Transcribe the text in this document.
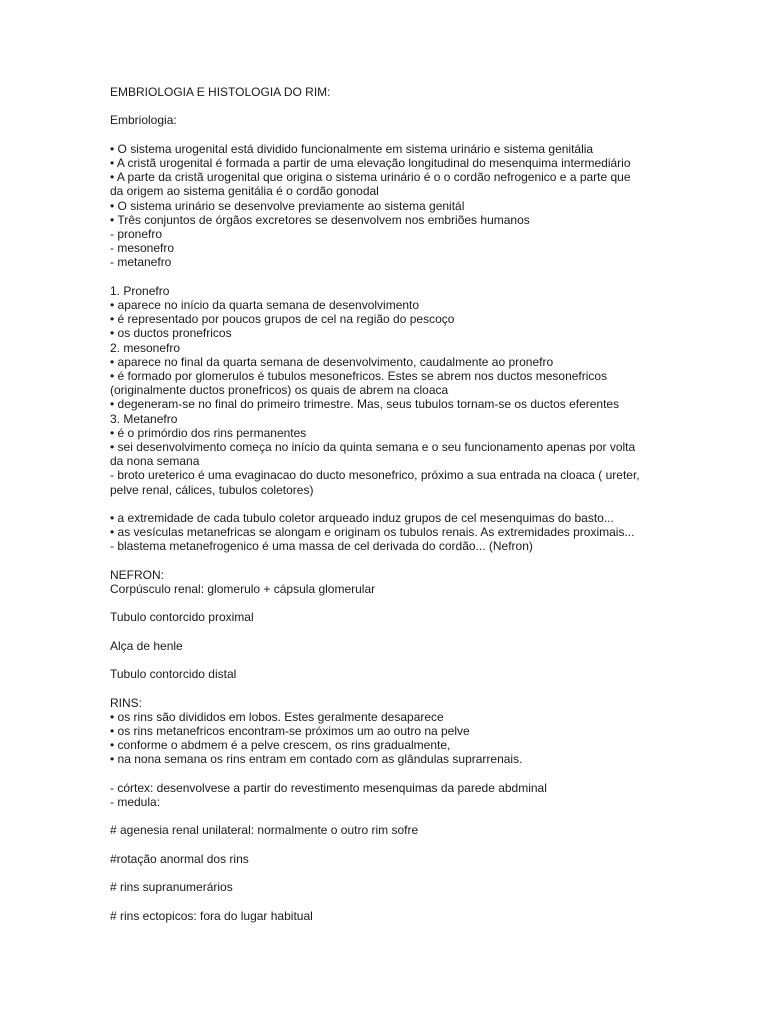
EMBRIOLOGIA E HISTOLOGIA DO RIM:
Embriologia:
• O sistema urogenital está dividido funcionalmente em sistema urinário e sistema genitália
• A cristã urogenital é formada a partir de uma elevação longitudinal do mesenquima intermediário
• A parte da cristã urogenital que origina o sistema urinário é o o cordão nefrogenico e a parte que
da origem ao sistema genitália é o cordão gonodal
• O sistema urinário se desenvolve previamente ao sistema genitál
• Três conjuntos de órgãos excretores se desenvolvem nos embriões humanos
- pronefro
- mesonefro
- metanefro
1. Pronefro
• aparece no início da quarta semana de desenvolvimento
• é representado por poucos grupos de cel na região do pescoço
• os ductos pronefricos
2. mesonefro
• aparece no final da quarta semana de desenvolvimento, caudalmente ao pronefro
• é formado por glomerulos é tubulos mesonefricos. Estes se abrem nos ductos mesonefricos
(originalmente ductos pronefricos) os quais de abrem na cloaca
• degeneram-se no final do primeiro trimestre. Mas, seus tubulos tornam-se os ductos eferentes
3. Metanefro
• é o primórdio dos rins permanentes
• sei desenvolvimento começa no início da quinta semana e o seu funcionamento apenas por volta
da nona semana
- broto ureterico é uma evaginacao do ducto mesonefrico, próximo a sua entrada na cloaca ( ureter,
pelve renal, cálices, tubulos coletores)
• a extremidade de cada tubulo coletor arqueado induz grupos de cel mesenquimas do basto...
• as vesículas metanefricas se alongam e originam os tubulos renais. As extremidades proximais...
- blastema metanefrogenico é uma massa de cel derivada do cordão... (Nefron)
NEFRON:
Corpúsculo renal: glomerulo + cápsula glomerular
Tubulo contorcido proximal
Alça de henle
Tubulo contorcido distal
RINS:
• os rins são divididos em lobos. Estes geralmente desaparece
• os rins metanefricos encontram-se próximos um ao outro na pelve
• conforme o abdmem é a pelve crescem, os rins gradualmente,
• na nona semana os rins entram em contado com as glândulas suprarrenais.
- córtex: desenvolvese a partir do revestimento mesenquimas da parede abdminal
- medula:
# agenesia renal unilateral: normalmente o outro rim sofre
#rotação anormal dos rins
# rins supranumerários
# rins ectopicos: fora do lugar habitual
